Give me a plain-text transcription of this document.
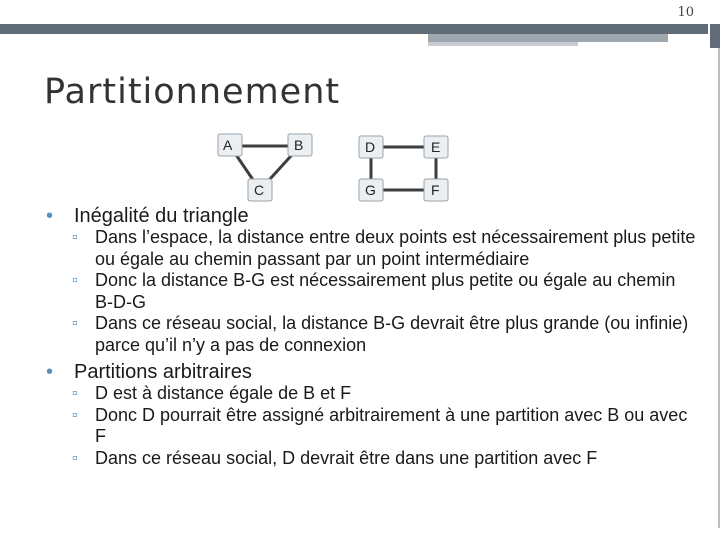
10
Partitionnement
A	B
C
D	E
G	F
• Inégalité du triangle
▫ Dans l’espace, la distance entre deux points est nécessairement plus petite ou égale au chemin passant par un point intermédiaire
▫ Donc la distance B-G est nécessairement plus petite ou égale au chemin B-D-G
▫ Dans ce réseau social, la distance B-G devrait être plus grande (ou infinie) parce qu’il n’y a pas de connexion
• Partitions arbitraires
▫ D est à distance égale de B et F
▫ Donc D pourrait être assigné arbitrairement à une partition avec B ou avec F
▫ Dans ce réseau social, D devrait être dans une partition avec F
